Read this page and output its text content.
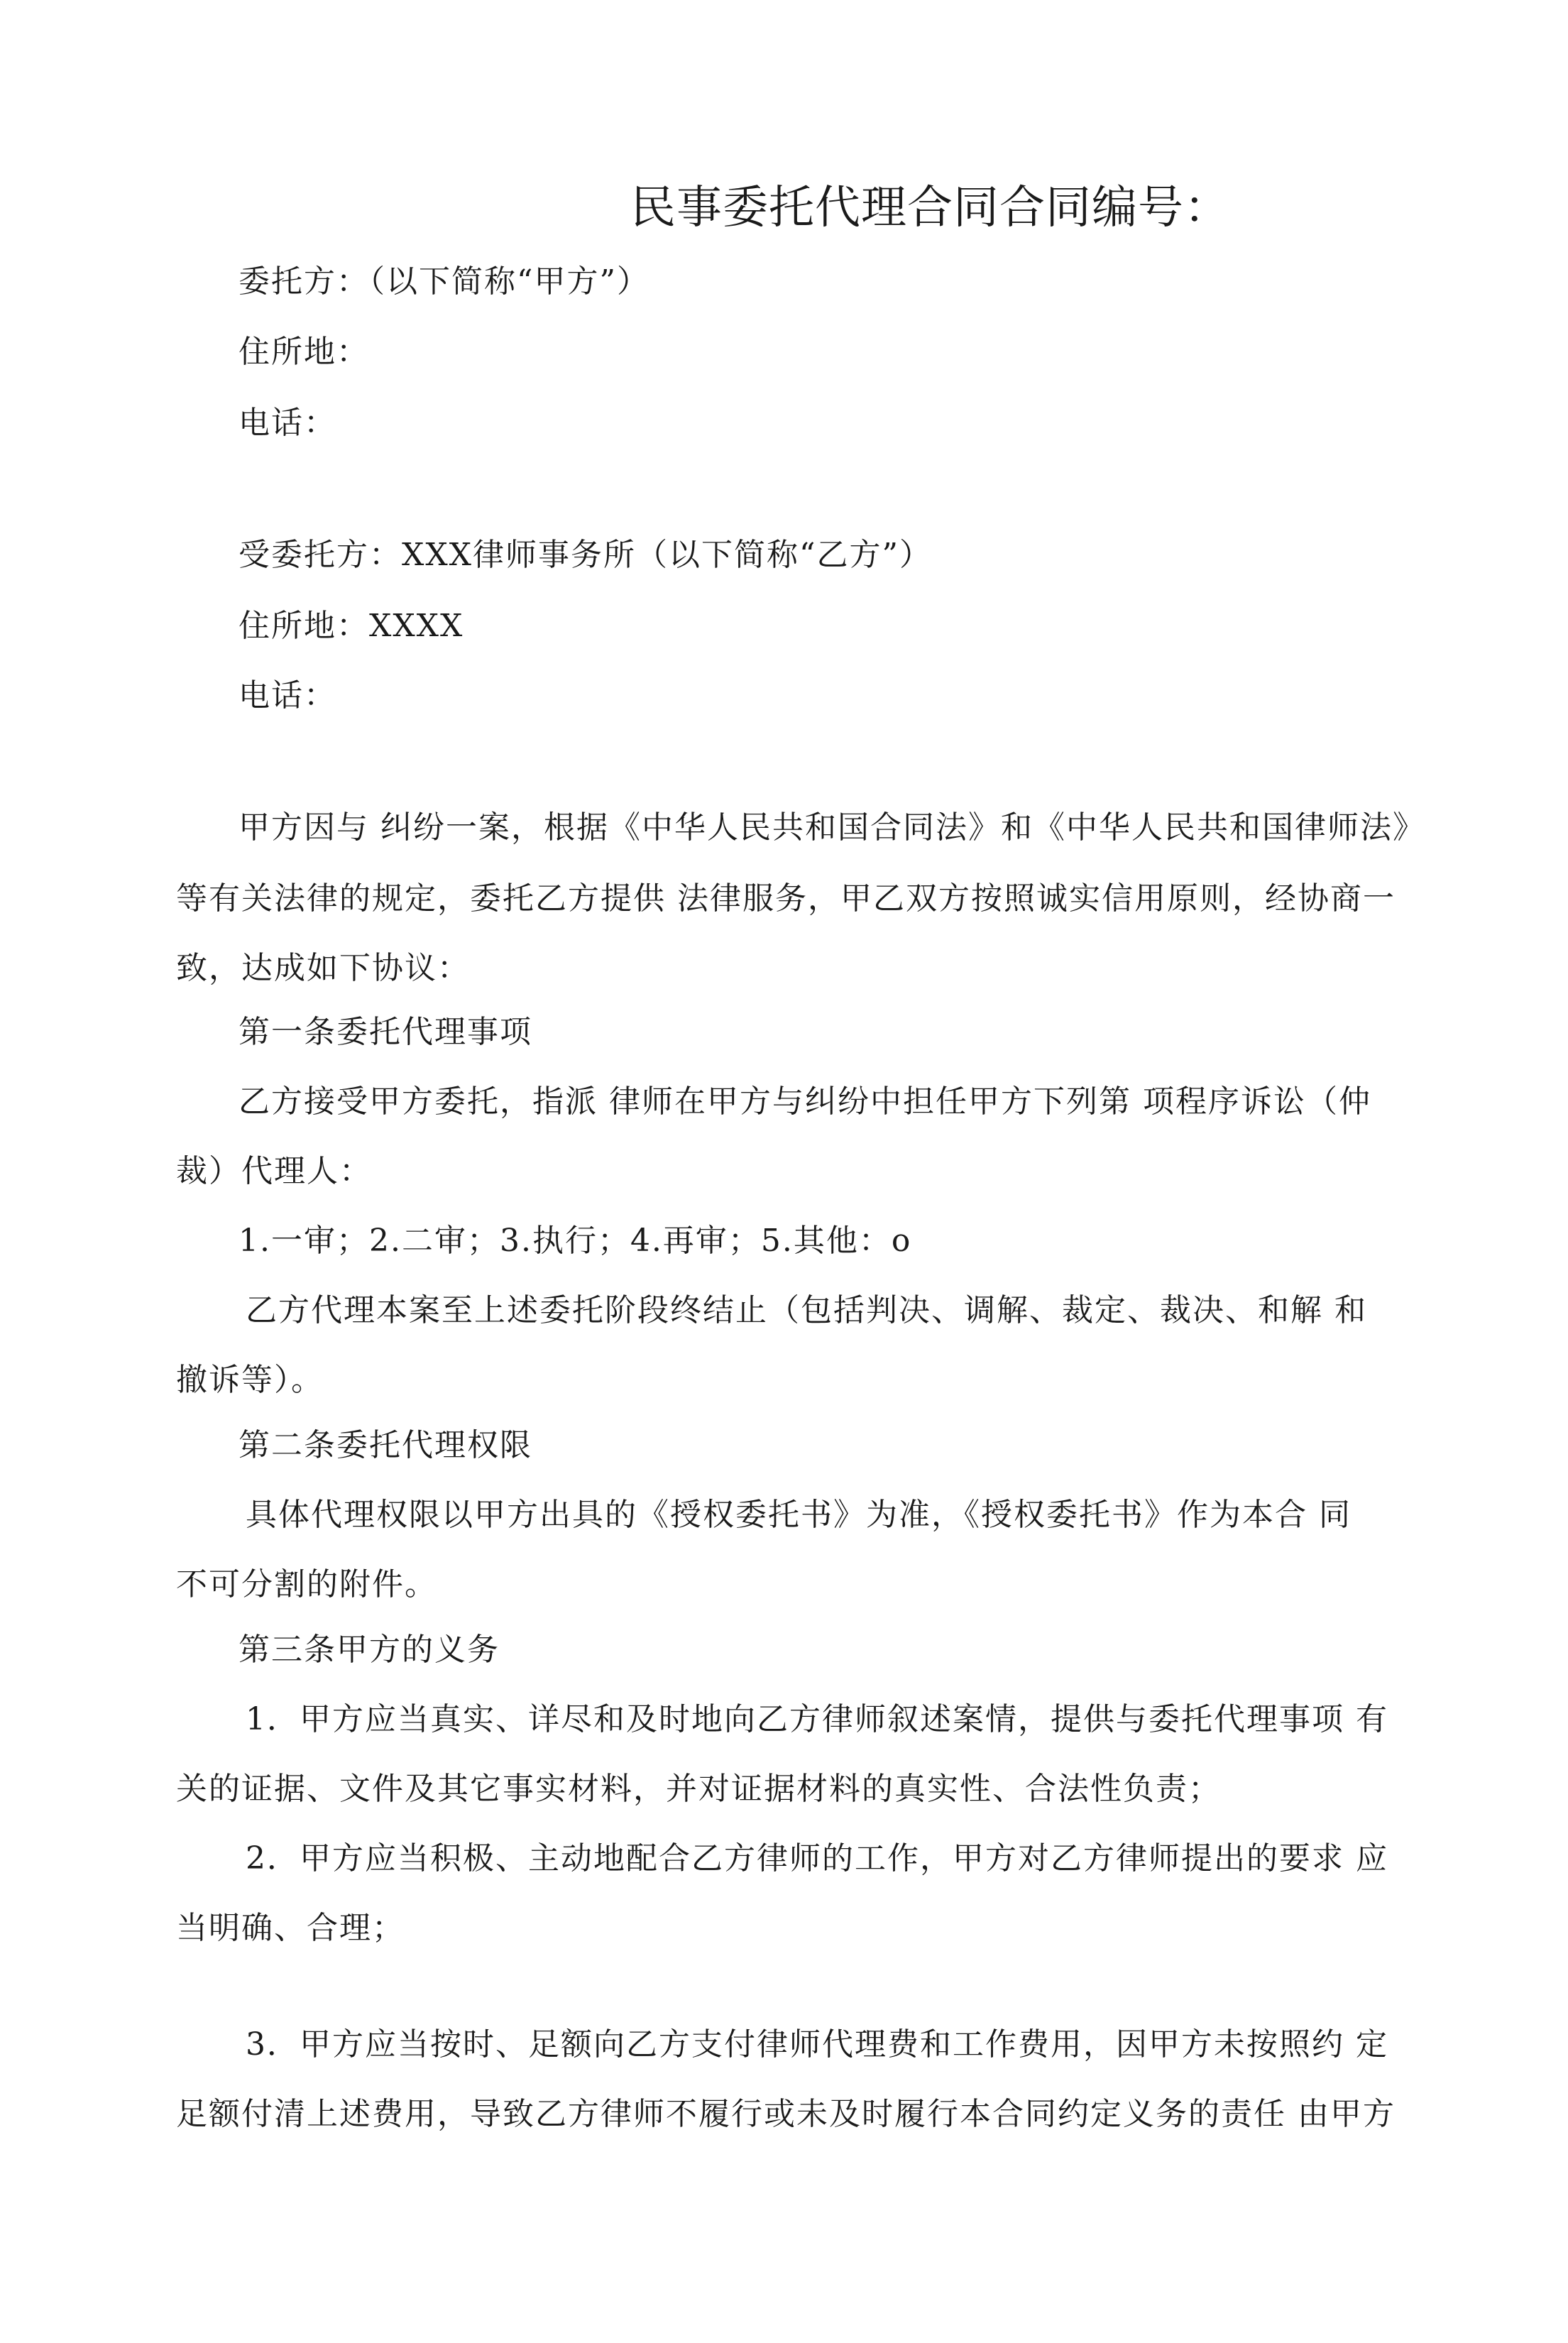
民事委托代理合同合同编号：
委托方：（以下简称“甲方”）
住所地：
电话：
受委托方：XXX律师事务所（以下简称“乙方”）
住所地：XXXX
电话：
甲方因与 纠纷一案，根据《中华人民共和国合同法》和《中华人民共和国律师法》
等有关法律的规定，委托乙方提供 法律服务，甲乙双方按照诚实信用原则，经协商一
致，达成如下协议：
第一条委托代理事项
乙方接受甲方委托，指派 律师在甲方与纠纷中担任甲方下列第 项程序诉讼（仲
裁）代理人：
1.一审；2.二审；3.执行；4.再审；5.其他：o
乙方代理本案至上述委托阶段终结止（包括判决、调解、裁定、裁决、和解 和
撤诉等）。
第二条委托代理权限
具体代理权限以甲方出具的《授权委托书》为准，《授权委托书》作为本合 同
不可分割的附件。
第三条甲方的义务
1．甲方应当真实、详尽和及时地向乙方律师叙述案情，提供与委托代理事项 有
关的证据、文件及其它事实材料，并对证据材料的真实性、合法性负责；
2．甲方应当积极、主动地配合乙方律师的工作，甲方对乙方律师提出的要求 应
当明确、合理；
3．甲方应当按时、足额向乙方支付律师代理费和工作费用，因甲方未按照约 定
足额付清上述费用，导致乙方律师不履行或未及时履行本合同约定义务的责任 由甲方
